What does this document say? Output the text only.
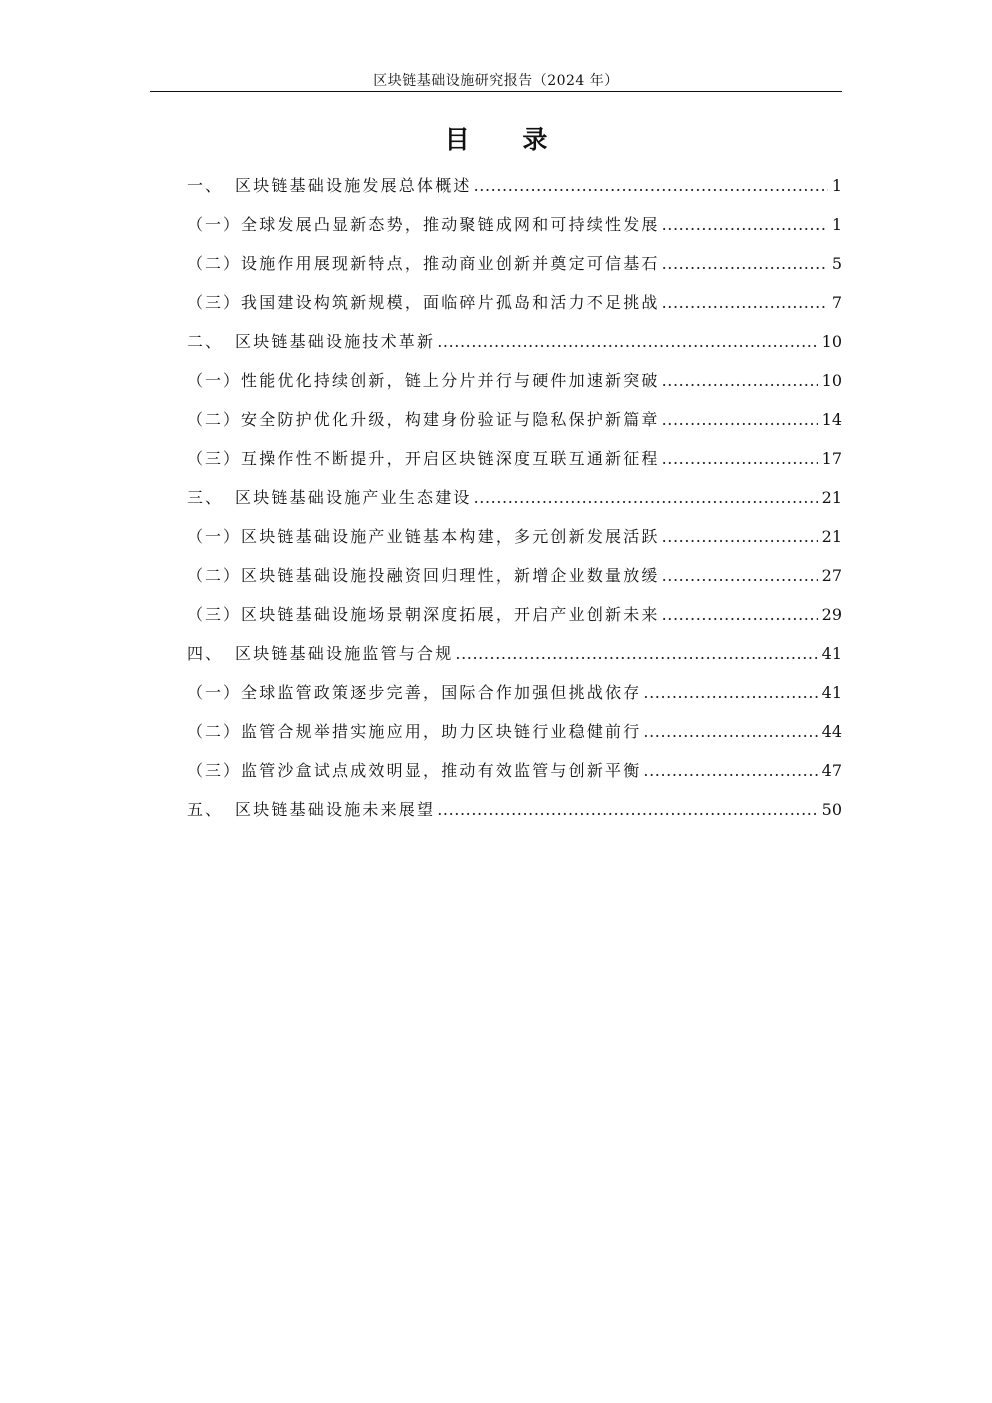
区块链基础设施研究报告（2024 年）
目 录
一、 区块链基础设施发展总体概述 .....	1
（一） 全球发展凸显新态势，推动聚链成网和可持续性发展 .....	1
（二） 设施作用展现新特点，推动商业创新并奠定可信基石 .....	5
（三） 我国建设构筑新规模，面临碎片孤岛和活力不足挑战 .....	7
二、 区块链基础设施技术革新 .....	10
（一） 性能优化持续创新，链上分片并行与硬件加速新突破 .....	10
（二） 安全防护优化升级，构建身份验证与隐私保护新篇章 .....	14
（三） 互操作性不断提升，开启区块链深度互联互通新征程 .....	17
三、 区块链基础设施产业生态建设 .....	21
（一） 区块链基础设施产业链基本构建，多元创新发展活跃 .....	21
（二） 区块链基础设施投融资回归理性，新增企业数量放缓 .....	27
（三） 区块链基础设施场景朝深度拓展，开启产业创新未来 .....	29
四、 区块链基础设施监管与合规 .....	41
（一） 全球监管政策逐步完善，国际合作加强但挑战依存 .....	41
（二） 监管合规举措实施应用，助力区块链行业稳健前行 .....	44
（三） 监管沙盒试点成效明显，推动有效监管与创新平衡 .....	47
五、 区块链基础设施未来展望 .....	50
